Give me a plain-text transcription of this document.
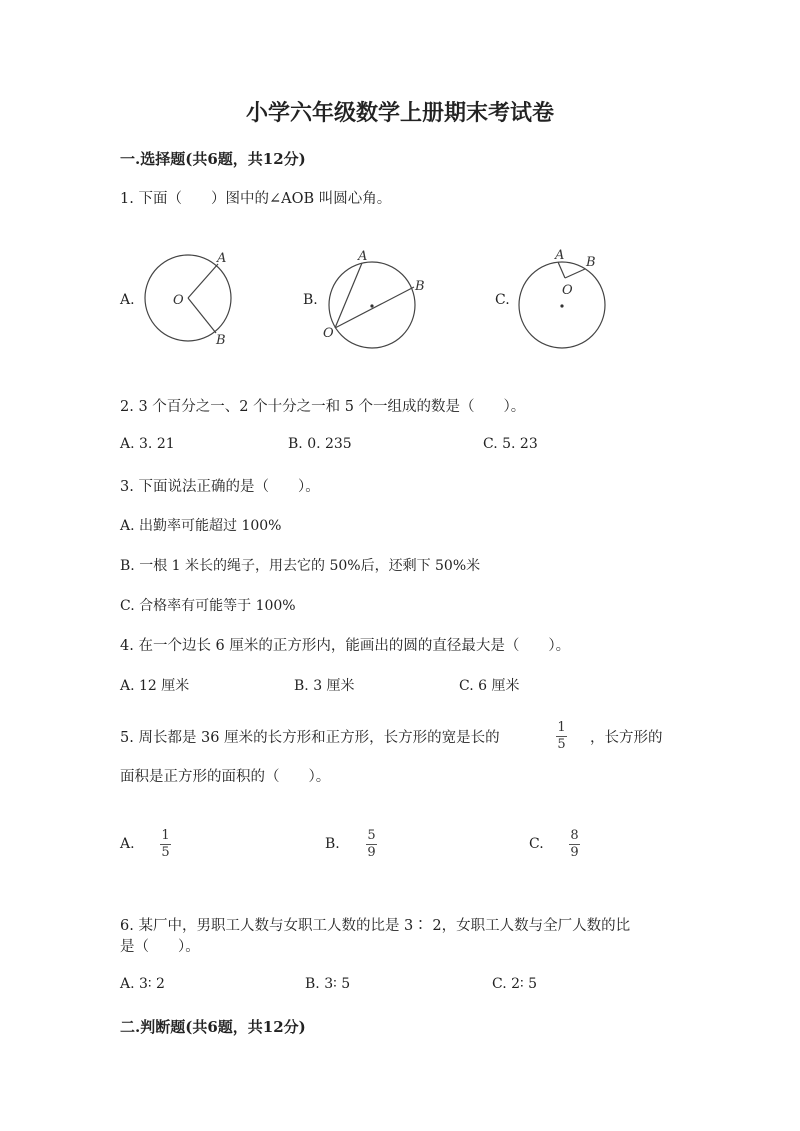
小学六年级数学上册期末考试卷
一.选择题(共6题，共12分)
1. 下面（　　）图中的∠AOB 叫圆心角。
A.
A
O
B
B.
A
B
O
C.
A B
O
2. 3 个百分之一、2 个十分之一和 5 个一组成的数是（　　）。
A. 3. 21	B. 0. 235	C. 5. 23
3. 下面说法正确的是（　　）。
A. 出勤率可能超过 100%
B. 一根 1 米长的绳子，用去它的 50%后，还剩下 50%米
C. 合格率有可能等于 100%
4. 在一个边长 6 厘米的正方形内，能画出的圆的直径最大是（　　）。
A. 12 厘米	B. 3 厘米	C. 6 厘米
5. 周长都是 36 厘米的长方形和正方形，长方形的宽是长的
1
5 ，长方形的
面积是正方形的面积的（　　）。
A.
1
5
B.
5
9
C.
8
9
6. 某厂中，男职工人数与女职工人数的比是 3∶ 2，女职工人数与全厂人数的比
是（　　）。
A. 3∶ 2	B. 3∶ 5	C. 2∶ 5
二.判断题(共6题，共12分)
